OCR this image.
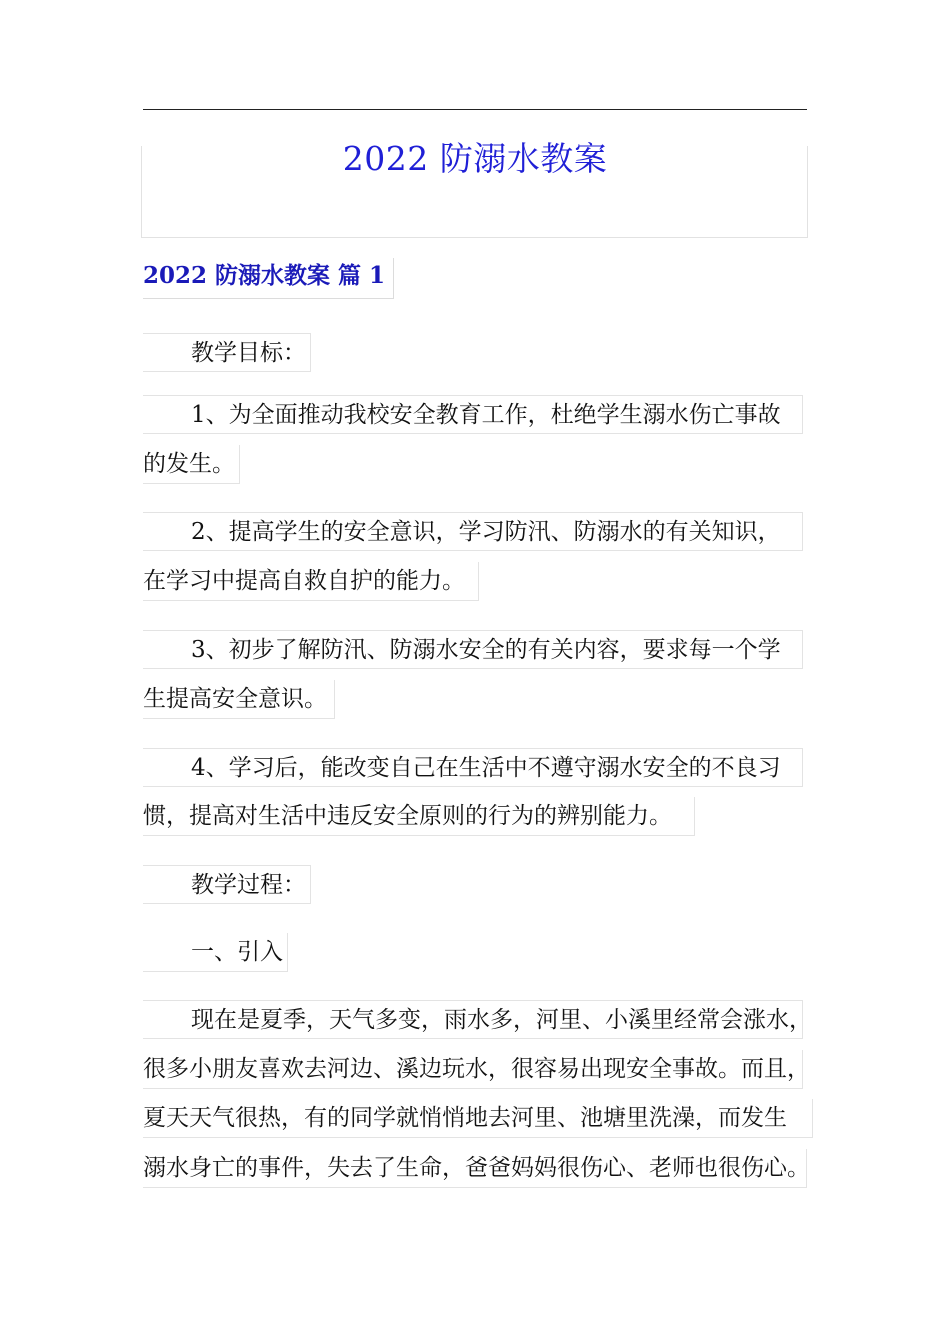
2022 防溺水教案
2022 防溺水教案 篇 1
教学目标：
1、为全面推动我校安全教育工作，杜绝学生溺水伤亡事故
的发生。
2、提高学生的安全意识，学习防汛、防溺水的有关知识，
在学习中提高自救自护的能力。
3、初步了解防汛、防溺水安全的有关内容，要求每一个学
生提高安全意识。
4、学习后，能改变自己在生活中不遵守溺水安全的不良习
惯，提高对生活中违反安全原则的行为的辨别能力。
教学过程：
一、引入
现在是夏季，天气多变，雨水多，河里、小溪里经常会涨水，
很多小朋友喜欢去河边、溪边玩水，很容易出现安全事故。而且，
夏天天气很热，有的同学就悄悄地去河里、池塘里洗澡，而发生
溺水身亡的事件，失去了生命，爸爸妈妈很伤心、老师也很伤心。
